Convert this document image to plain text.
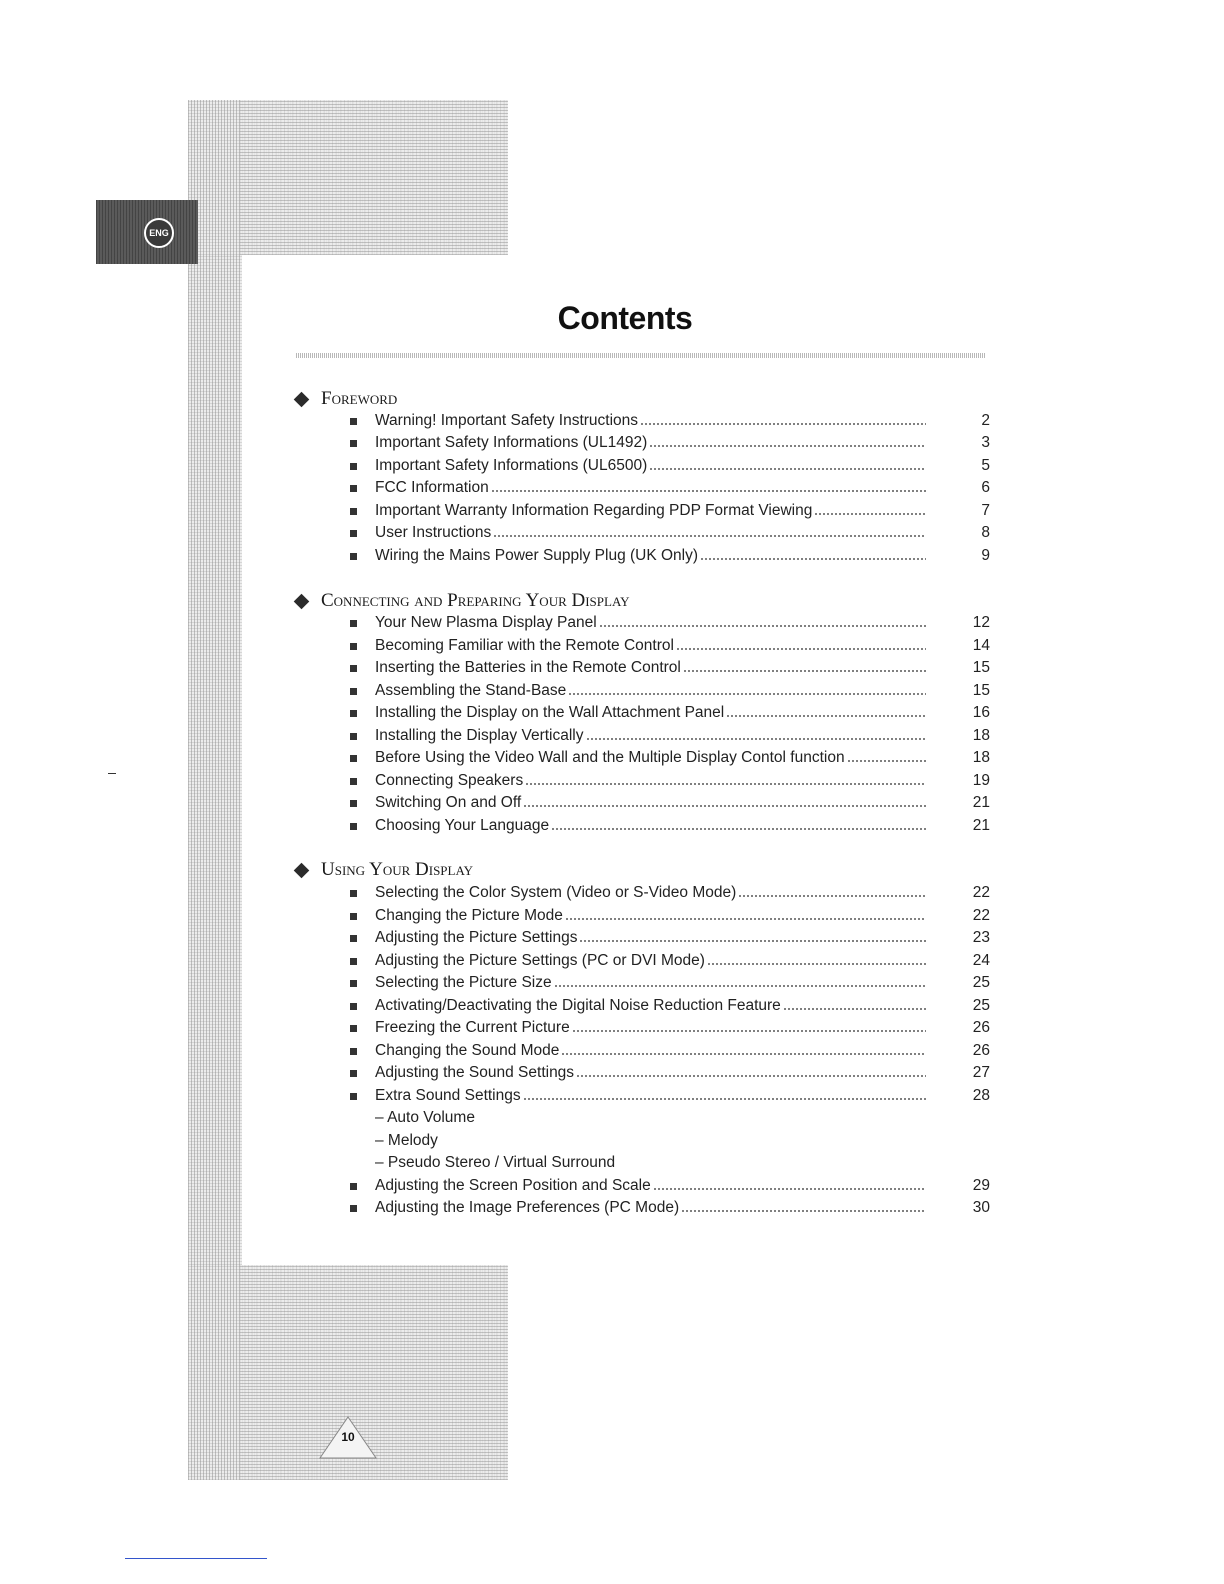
ENG
Contents
Foreword
Warning! Important Safety Instructions	2
Important Safety Informations (UL1492)	3
Important Safety Informations (UL6500)	5
FCC Information	6
Important Warranty Information Regarding PDP Format Viewing	7
User Instructions	8
Wiring the Mains Power Supply Plug (UK Only)	9
Connecting and Preparing Your Display
Your New Plasma Display Panel	12
Becoming Familiar with the Remote Control	14
Inserting the Batteries in the Remote Control	15
Assembling the Stand-Base	15
Installing the Display on the Wall Attachment Panel	16
Installing the Display Vertically	18
Before Using the Video Wall and the Multiple Display Contol function	18
Connecting Speakers	19
Switching On and Off	21
Choosing Your Language	21
Using Your Display
Selecting the Color System (Video or S-Video Mode)	22
Changing the Picture Mode	22
Adjusting the Picture Settings	23
Adjusting the Picture Settings (PC or DVI Mode)	24
Selecting the Picture Size	25
Activating/Deactivating the Digital Noise Reduction Feature	25
Freezing the Current Picture	26
Changing the Sound Mode	26
Adjusting the Sound Settings	27
Extra Sound Settings	28
– Auto Volume
– Melody
– Pseudo Stereo / Virtual Surround
Adjusting the Screen Position and Scale	29
Adjusting the Image Preferences (PC Mode)	30
10
